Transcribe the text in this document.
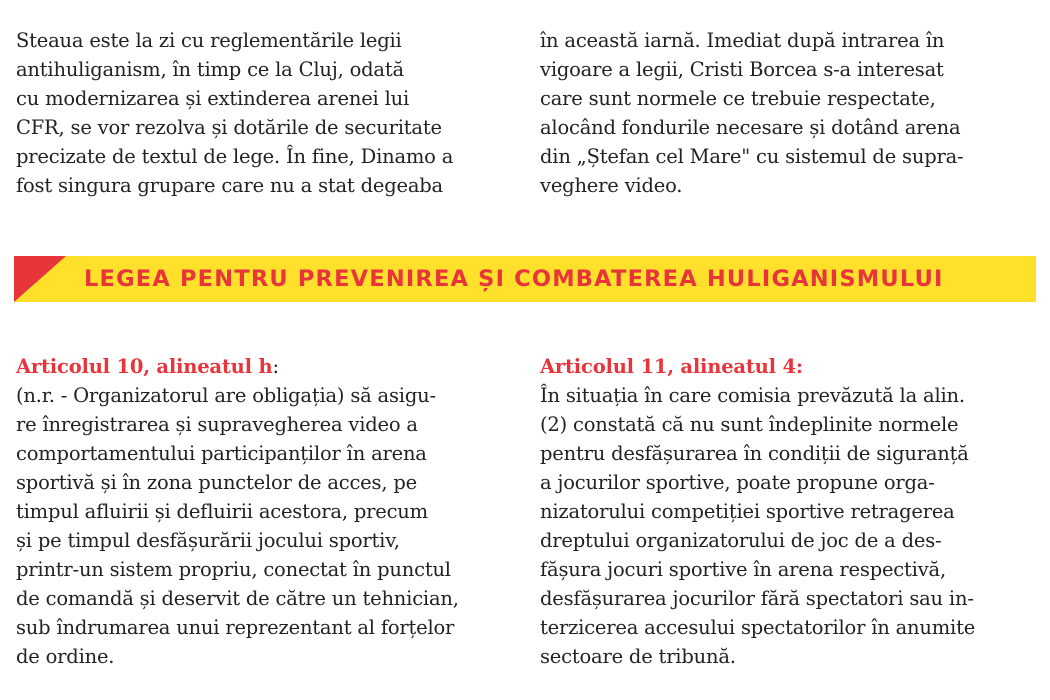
Steaua este la zi cu reglementările legii
antihuliganism, în timp ce la Cluj, odată
cu modernizarea și extinderea arenei lui
CFR, se vor rezolva și dotările de securitate
precizate de textul de lege. În fine, Dinamo a
fost singura grupare care nu a stat degeaba
în această iarnă. Imediat după intrarea în
vigoare a legii, Cristi Borcea s-a interesat
care sunt normele ce trebuie respectate,
alocând fondurile necesare și dotând arena
din „Ștefan cel Mare" cu sistemul de supra-
veghere video.
LEGEA PENTRU PREVENIREA ȘI COMBATEREA HULIGANISMULUI
Articolul 10, alineatul h:
(n.r. - Organizatorul are obligația) să asigu-
re înregistrarea și supravegherea video a
comportamentului participanților în arena
sportivă și în zona punctelor de acces, pe
timpul afluirii și defluirii acestora, precum
și pe timpul desfășurării jocului sportiv,
printr-un sistem propriu, conectat în punctul
de comandă și deservit de către un tehnician,
sub îndrumarea unui reprezentant al forțelor
de ordine.
Articolul 11, alineatul 4:
În situația în care comisia prevăzută la alin.
(2) constată că nu sunt îndeplinite normele
pentru desfășurarea în condiții de siguranță
a jocurilor sportive, poate propune orga-
nizatorului competiției sportive retragerea
dreptului organizatorului de joc de a des-
fășura jocuri sportive în arena respectivă,
desfășurarea jocurilor fără spectatori sau in-
terzicerea accesului spectatorilor în anumite
sectoare de tribună.
